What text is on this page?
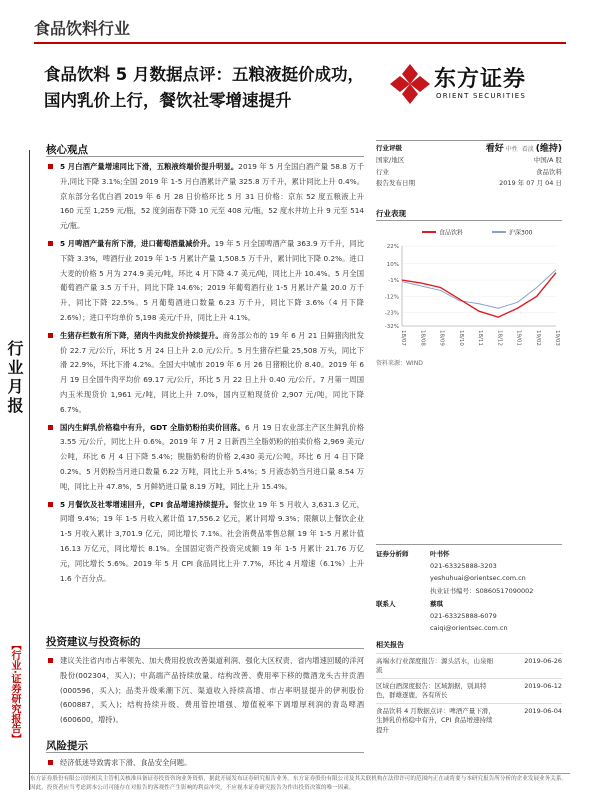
食品饮料行业
食品饮料 5 月数据点评：五粮液挺价成功，国内乳价上行，餐饮社零增速提升
东方证券
ORIENT SECURITIES
行业月报
【行业·证券研究报告】
核心观点
5 月白酒产量增速同比下滑，五粮液终端价提升明显。2019 年 5 月全国白酒产量 58.8 万千升,同比下降 3.1%;全国 2019 年 1-5 月白酒累计产量 325.8 万千升，累计同比上升 0.4%。京东部分名优白酒 2019 年 6 月 28 日价格环比 5 月 31 日价格：京东 52 度五粮液上升 160 元至 1,259 元/瓶，52 度剑南春下降 10 元至 408 元/瓶，52 度水井坊上升 9 元至 514 元/瓶。
5 月啤酒产量有所下滑，进口葡萄酒量减价升。19 年 5 月全国啤酒产量 363.9 万千升，同比下降 3.3%，啤酒行业 2019 年 1-5 月累计产量 1,508.5 万千升，累计同比下降 0.2%。进口大麦的价格 5 月为 274.9 美元/吨，环比 4 月下降 4.7 美元/吨，同比上升 10.4%。5 月全国葡萄酒产量 3.5 万千升，同比下降 14.6%；2019 年葡萄酒行业 1-5 月累计产量 20.0 万千升，同比下降 22.5%。5 月葡萄酒进口数量 6.23 万千升，同比下降 3.6%（4 月下降 2.6%）；进口平均单价 5,198 美元/千升，同比上升 4.1%。
生猪存栏数有所下降，猪肉牛肉批发价持续提升。商务部公布的 19 年 6 月 21 日鲜猪肉批发价 22.7 元/公斤，环比 5 月 24 日上升 2.0 元/公斤。5 月生猪存栏量 25,508 万头，同比下滑 22.9%，环比下滑 4.2%。全国大中城市 2019 年 6 月 26 日猪粮比价 8.40。2019 年 6 月 19 日全国牛肉平均价 69.17 元/公斤，环比 5 月 22 日上升 0.40 元/公斤。7 月第一周国内玉米现货价 1,961 元/吨，同比上升 7.0%，国内豆粕现货价 2,907 元/吨，同比下降 6.7%。
国内生鲜乳价格稳中有升，GDT 全脂奶粉拍卖价回落。6 月 19 日农业部主产区生鲜乳价格 3.55 元/公斤，同比上升 0.6%。2019 年 7 月 2 日新西兰全脂奶粉的拍卖价格 2,969 美元/公吨，环比 6 月 4 日下降 5.4%；脱脂奶粉的价格 2,430 美元/公吨，环比 6 月 4 日下降 0.2%。5 月奶粉当月进口数量 6.22 万吨，同比上升 5.4%；5 月液态奶当月进口量 8.54 万吨，同比上升 47.8%，5 月鲜奶进口量 8.19 万吨，同比上升 15.4%。
5 月餐饮及社零增速回升，CPI 食品增速持续提升。餐饮业 19 年 5 月收入 3,631.3 亿元，同增 9.4%；19 年 1-5 月收入累计值 17,556.2 亿元，累计同增 9.3%；限额以上餐饮企业 1-5 月收入累计 3,701.9 亿元，同比增长 7.1%。社会消费品零售总额 19 年 1-5 月累计值 16.13 万亿元，同比增长 8.1%。全国固定资产投资完成额 19 年 1-5 月累计 21.76 万亿元，同比增长 5.6%。2019 年 5 月 CPI 食品同比上升 7.7%，环比 4 月增速（6.1%）上升 1.6 个百分点。
投资建议与投资标的
建议关注省内市占率领先、加大费用投放改善渠道利润、强化大区权责、省内增速回暖的洋河股份(002304，买入)；中高端产品持续放量、结构改善、费用率下移的微酒龙头古井贡酒(000596，买入)；品类升级乘潮下沉、渠道收入持续高增、市占率明显提升的伊利股份(600887，买入)；结构持续升级、费用管控增强、增值税率下调增厚利润的青岛啤酒(600600，增持)。
风险提示
经济低迷导致需求下滑、食品安全问题。
行业评级	看好 中性 看淡 (维持)
国家/地区	中国/A 股
行业	食品饮料
报告发布日期	2019 年 07 月 04 日
行业表现
食品饮料	沪深300
22%
10%
-1%
-12%
-23%
-32%
18/07 18/08 18/09 18/10 18/11 18/12 19/01 19/02 19/03
资料来源：WIND
证券分析师	叶书怀
021-63325888-3203
yeshuhuai@orientsec.com.cn
执业证书编号：S0860517090002
联系人	蔡琪
021-63325888-6079
caiqi@orientsec.com.cn
相关报告
高端水行业深度报告：源头活水，山泉细流
2019-06-26
区域白酒深度报告：区域割据，别具特色，群雄逐鹿，各有所长
2019-06-12
食品饮料 4 月数据点评：啤酒产量下滑，生鲜乳价格稳中有升，CPI 食品增速持续提升
2019-06-04
东方证券股份有限公司经相关主管机关核准具备证券投资咨询业务资格，据此开展发布证券研究报告业务。东方证券股份有限公司及其关联机构在法律许可的范围内正在或将要与本研究报告所分析的企业发展业务关系。因此，投资者应当考虑到本公司可能存在对报告的客观性产生影响的利益冲突，不应视本证券研究报告为作出投资决策的唯一因素。
